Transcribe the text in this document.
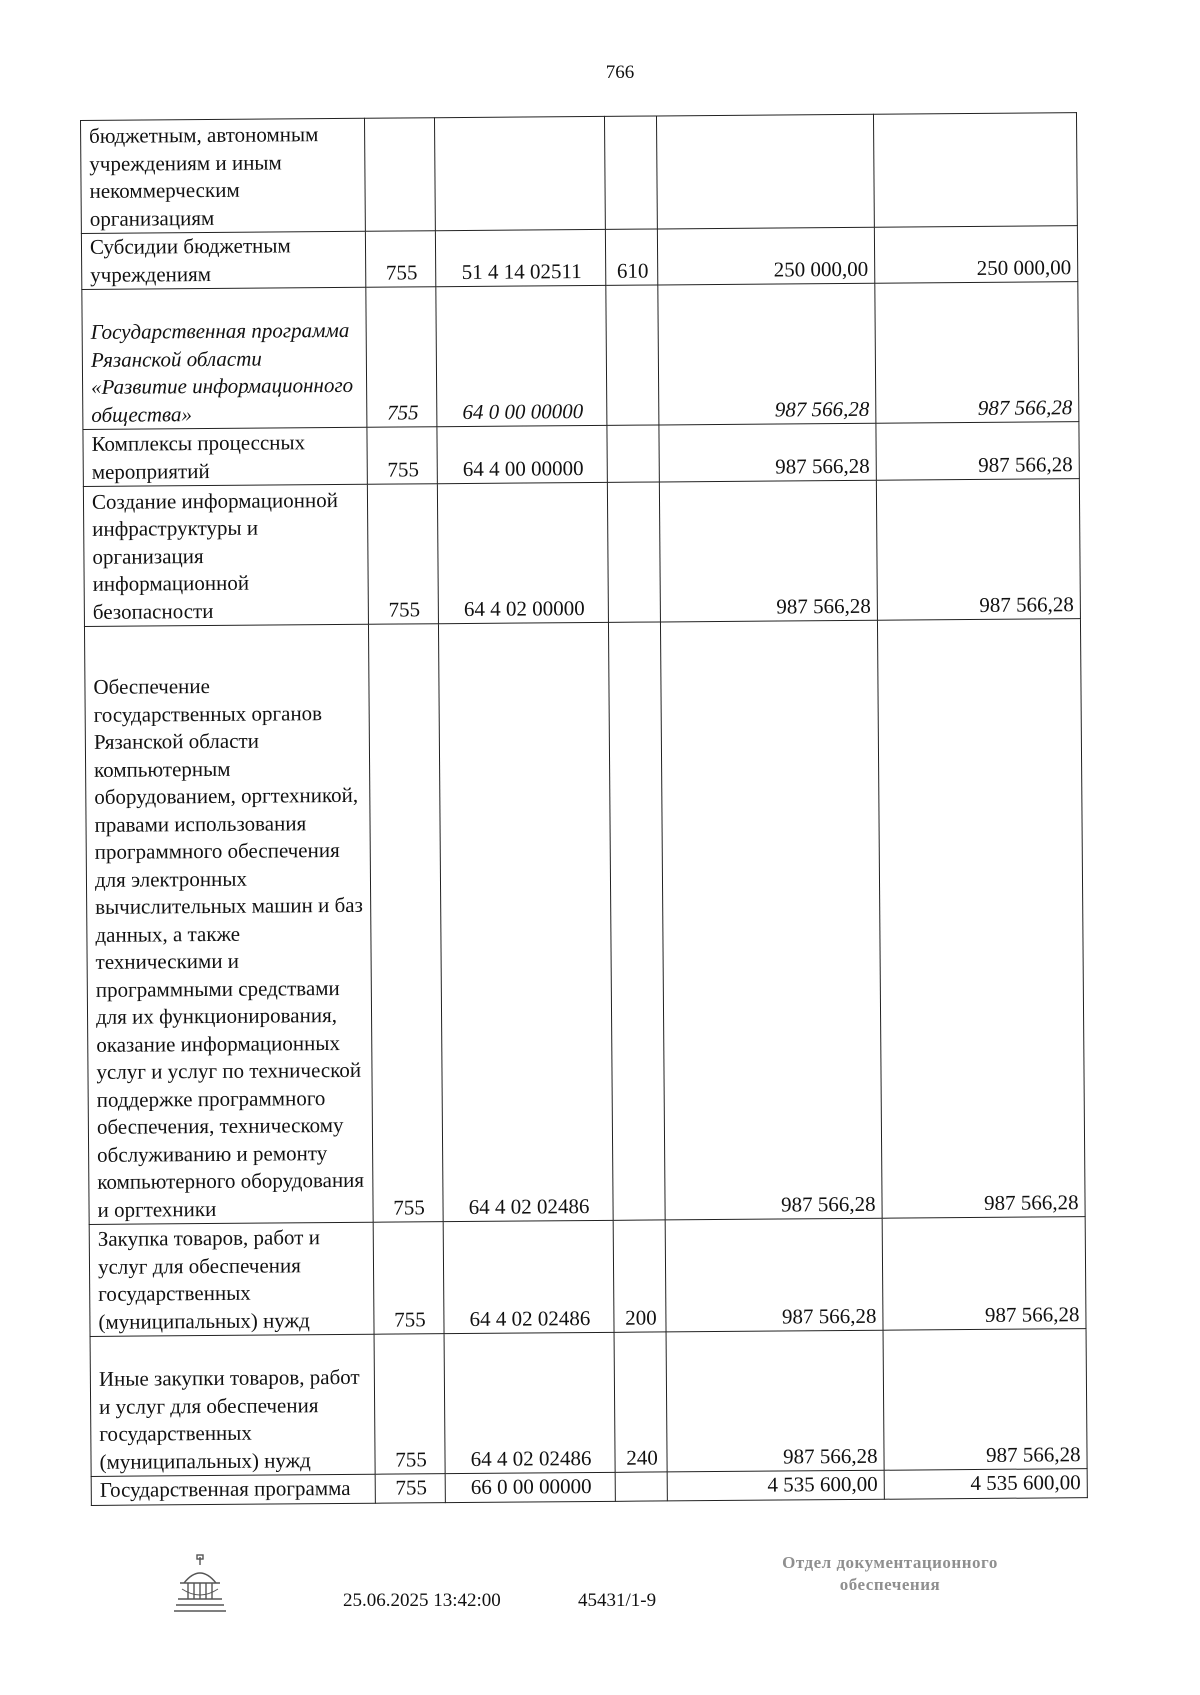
766
бюджетным, автономным учреждениям и иным некоммерческим организациям					
Субсидии бюджетным учреждениям	755	51 4 14 02511	610	250 000,00	250 000,00
Государственная программа Рязанской области «Развитие информационного общества»	755	64 0 00 00000		987 566,28	987 566,28
Комплексы процессных мероприятий	755	64 4 00 00000		987 566,28	987 566,28
Создание информационной инфраструктуры и организация информационной безопасности	755	64 4 02 00000		987 566,28	987 566,28
Обеспечение государственных органов Рязанской области компьютерным оборудованием, оргтехникой, правами использования программного обеспечения для электронных вычислительных машин и баз данных, а также техническими и программными средствами для их функционирования, оказание информационных услуг и услуг по технической поддержке программного обеспечения, техническому обслуживанию и ремонту компьютерного оборудования и оргтехники	755	64 4 02 02486		987 566,28	987 566,28
Закупка товаров, работ и услуг для обеспечения государственных (муниципальных) нужд	755	64 4 02 02486	200	987 566,28	987 566,28
Иные закупки товаров, работ и услуг для обеспечения государственных (муниципальных) нужд	755	64 4 02 02486	240	987 566,28	987 566,28
Государственная программа	755	66 0 00 00000		4 535 600,00	4 535 600,00
25.06.2025 13:42:00	45431/1-9
Отдел документационного
обеспечения
